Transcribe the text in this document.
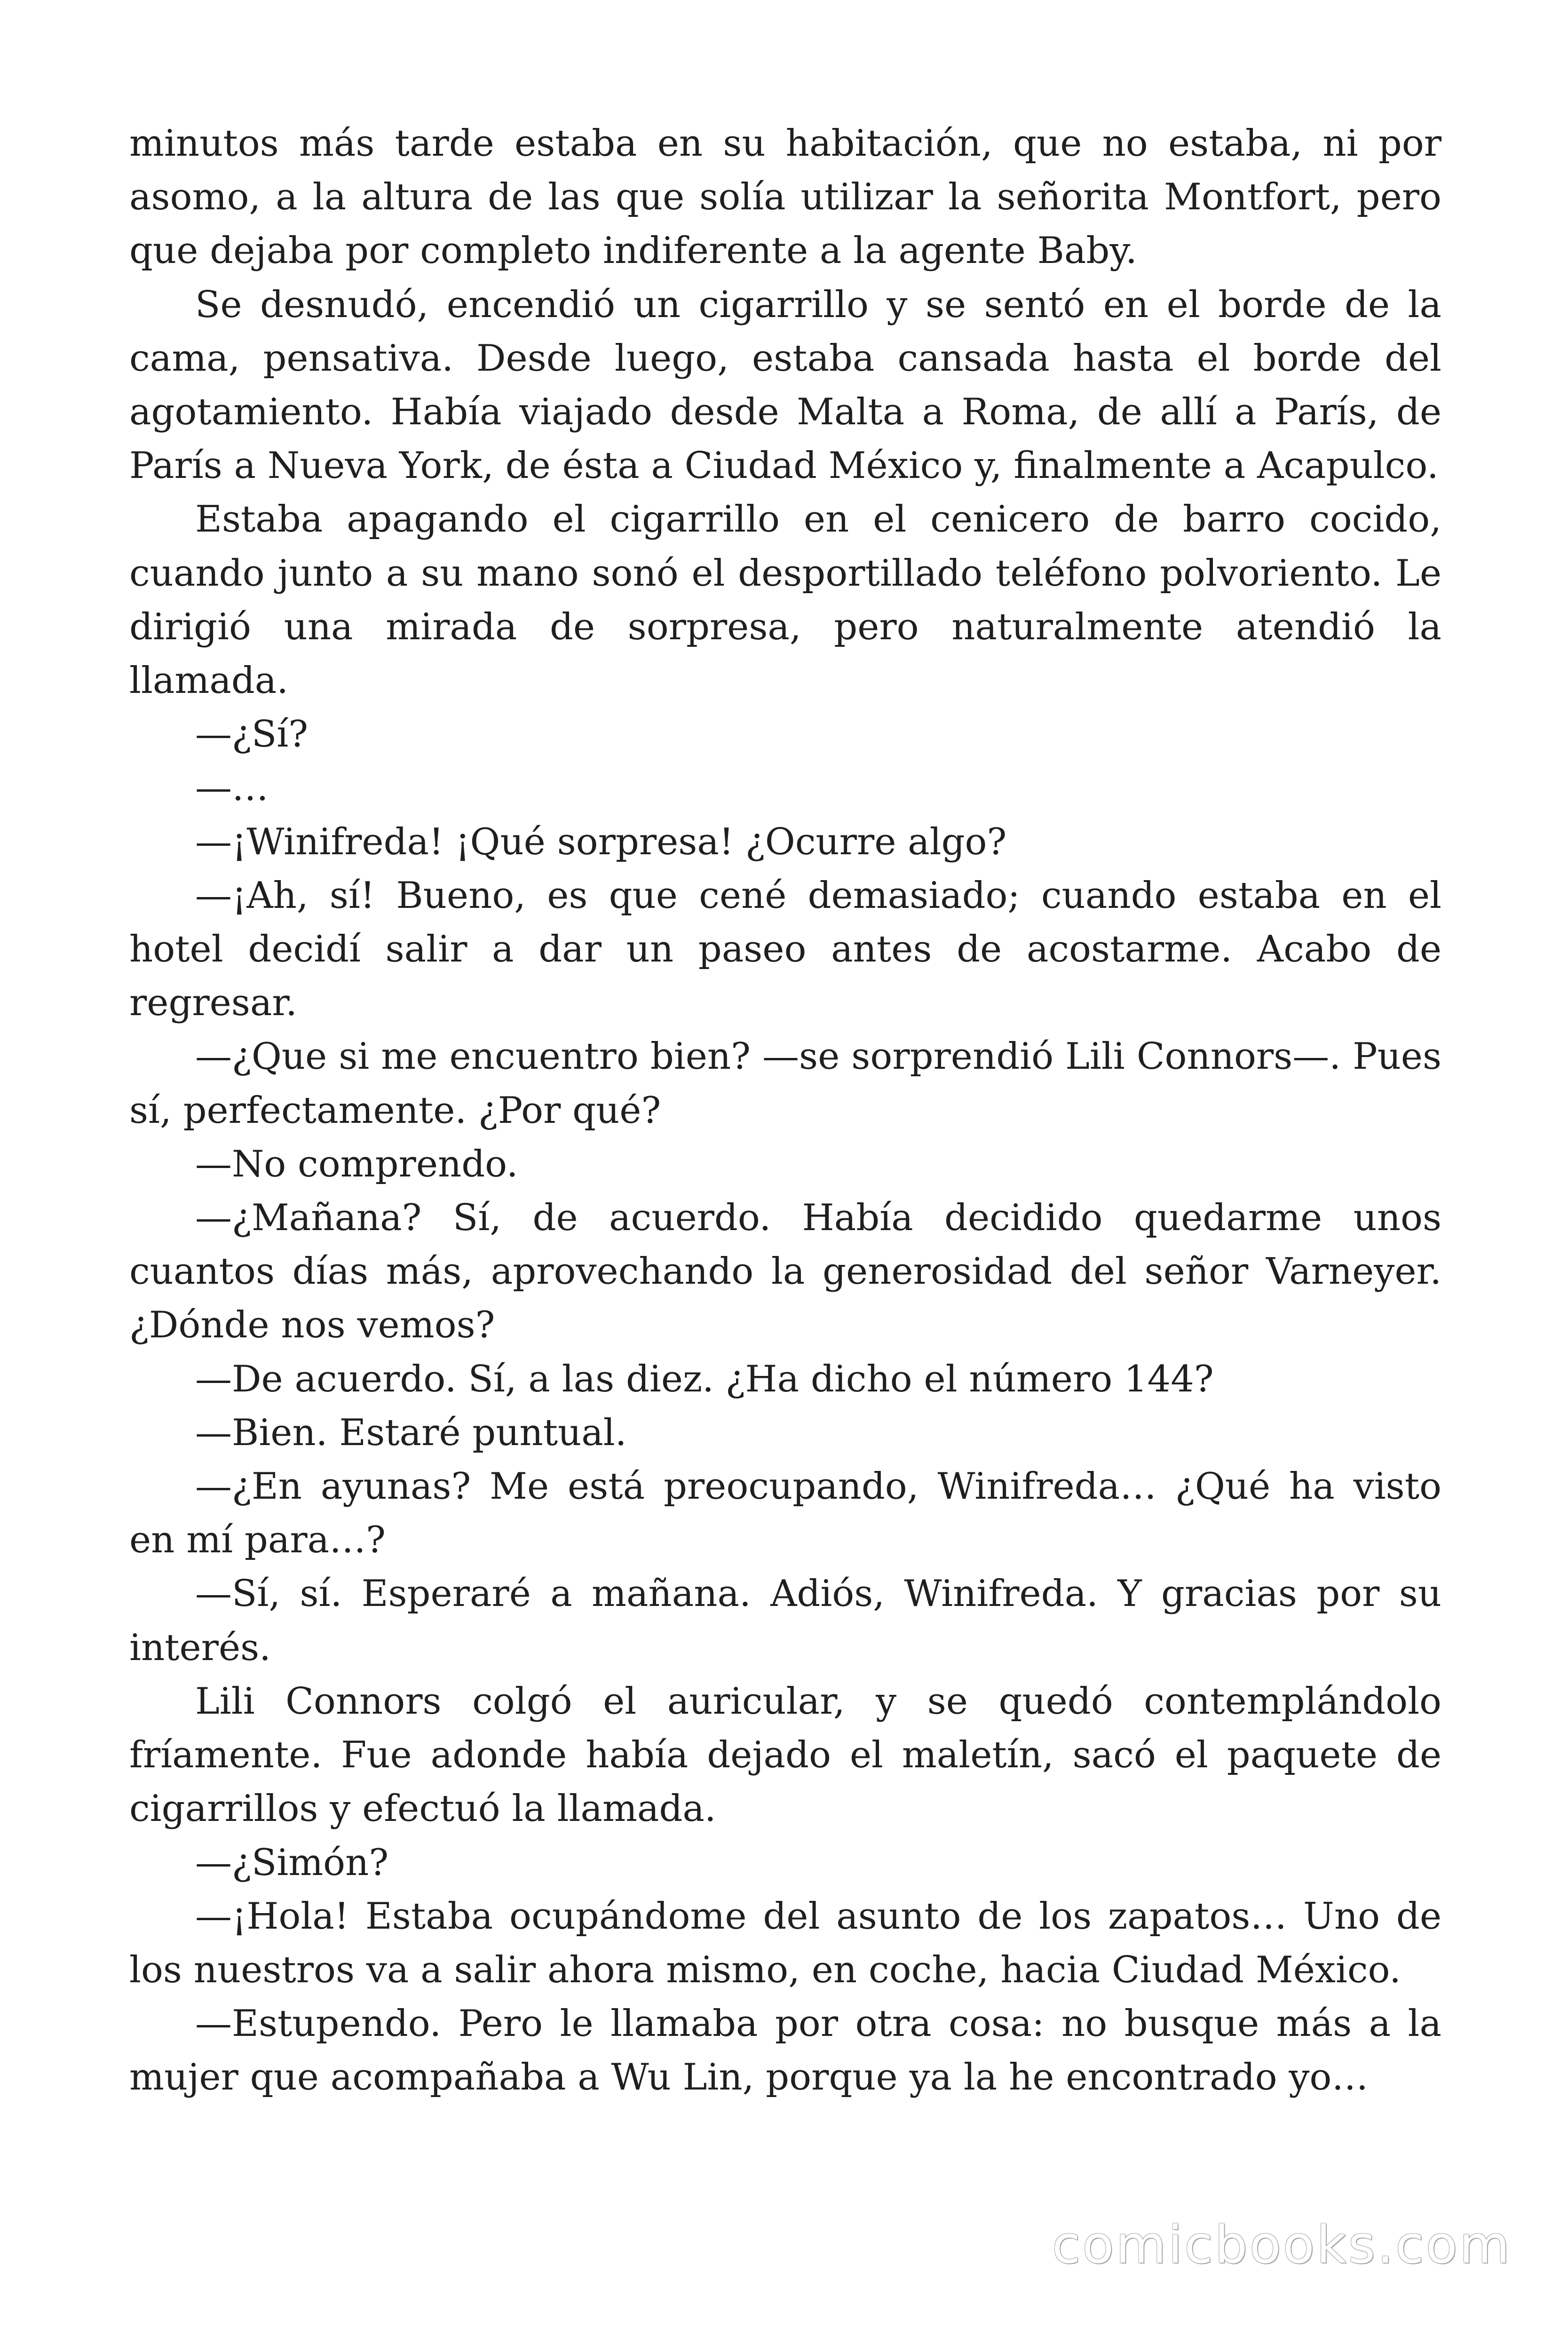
minutos más tarde estaba en su habitación, que no estaba, ni por asomo, a la altura de las que solía utilizar la señorita Montfort, pero que dejaba por completo indiferente a la agente Baby.

Se desnudó, encendió un cigarrillo y se sentó en el borde de la cama, pensativa. Desde luego, estaba cansada hasta el borde del agotamiento. Había viajado desde Malta a Roma, de allí a París, de París a Nueva York, de ésta a Ciudad México y, finalmente a Acapulco.

Estaba apagando el cigarrillo en el cenicero de barro cocido, cuando junto a su mano sonó el desportillado teléfono polvoriento. Le dirigió una mirada de sorpresa, pero naturalmente atendió la llamada.

—¿Sí?

—…

—¡Winifreda! ¡Qué sorpresa! ¿Ocurre algo?

—¡Ah, sí! Bueno, es que cené demasiado; cuando estaba en el hotel decidí salir a dar un paseo antes de acostarme. Acabo de regresar.

—¿Que si me encuentro bien? —se sorprendió Lili Connors—. Pues sí, perfectamente. ¿Por qué?

—No comprendo.

—¿Mañana? Sí, de acuerdo. Había decidido quedarme unos cuantos días más, aprovechando la generosidad del señor Varneyer. ¿Dónde nos vemos?

—De acuerdo. Sí, a las diez. ¿Ha dicho el número 144?

—Bien. Estaré puntual.

—¿En ayunas? Me está preocupando, Winifreda… ¿Qué ha visto en mí para…?

—Sí, sí. Esperaré a mañana. Adiós, Winifreda. Y gracias por su interés.

Lili Connors colgó el auricular, y se quedó contemplándolo fríamente. Fue adonde había dejado el maletín, sacó el paquete de cigarrillos y efectuó la llamada.

—¿Simón?

—¡Hola! Estaba ocupándome del asunto de los zapatos… Uno de los nuestros va a salir ahora mismo, en coche, hacia Ciudad México.

—Estupendo. Pero le llamaba por otra cosa: no busque más a la mujer que acompañaba a Wu Lin, porque ya la he encontrado yo…

comicbooks.com
